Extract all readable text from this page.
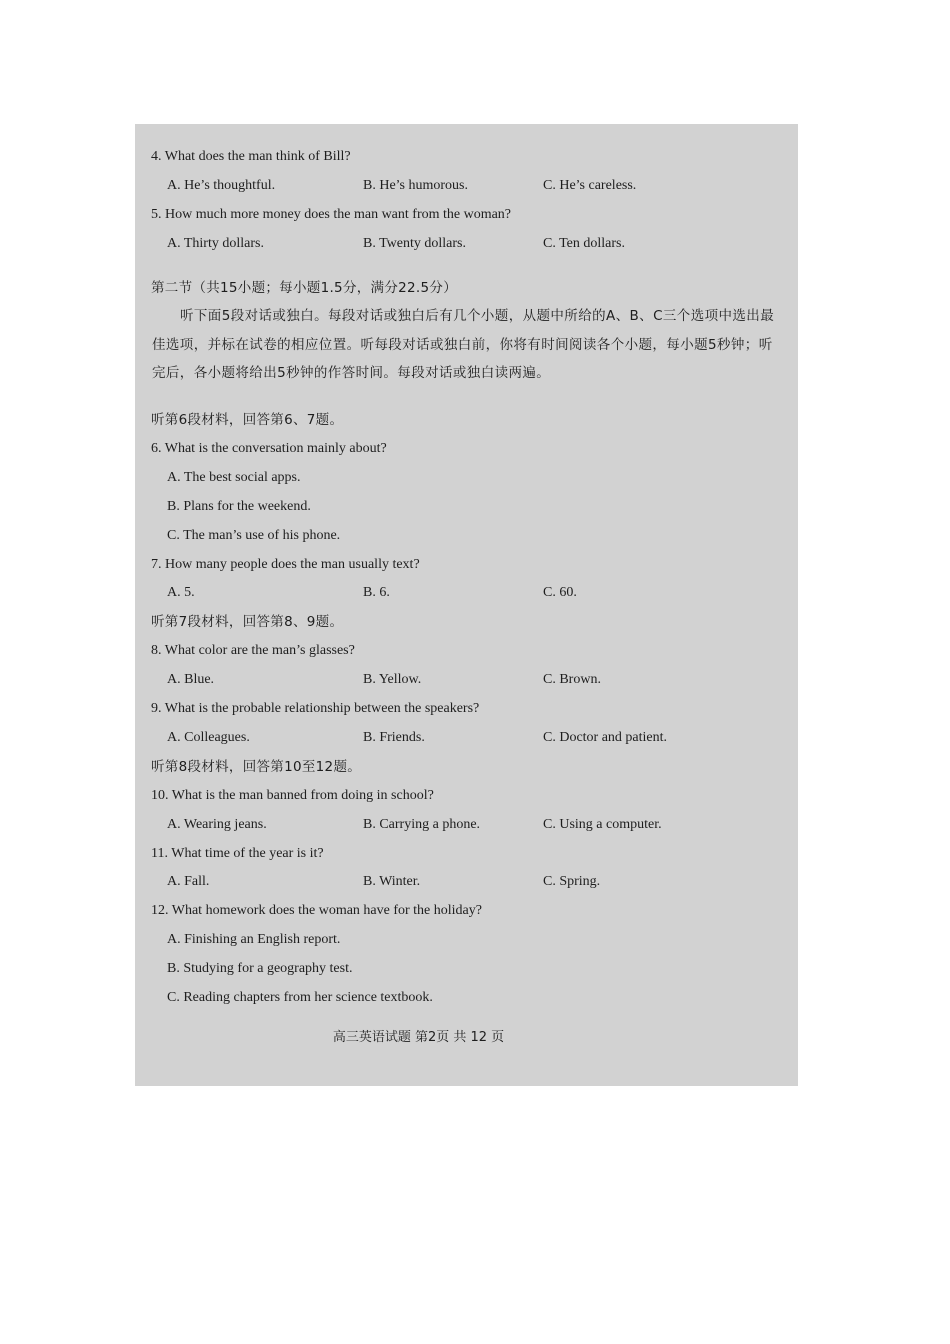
4. What does the man think of Bill?
A. He’s thoughtful.	B. He’s humorous.	C. He’s careless.
5. How much more money does the man want from the woman?
A. Thirty dollars.	B. Twenty dollars.	C. Ten dollars.
第二节（共15小题；每小题1.5分，满分22.5分）
听下面5段对话或独白。每段对话或独白后有几个小题，从题中所给的A、B、C三个选项中选出最佳选项，并标在试卷的相应位置。听每段对话或独白前，你将有时间阅读各个小题，每小题5秒钟；听完后，各小题将给出5秒钟的作答时间。每段对话或独白读两遍。
听第6段材料，回答第6、7题。
6. What is the conversation mainly about?
A. The best social apps.
B. Plans for the weekend.
C. The man’s use of his phone.
7. How many people does the man usually text?
A. 5.	B. 6.	C. 60.
听第7段材料，回答第8、9题。
8. What color are the man’s glasses?
A. Blue.	B. Yellow.	C. Brown.
9. What is the probable relationship between the speakers?
A. Colleagues.	B. Friends.	C. Doctor and patient.
听第8段材料，回答第10至12题。
10. What is the man banned from doing in school?
A. Wearing jeans.	B. Carrying a phone.	C. Using a computer.
11. What time of the year is it?
A. Fall.	B. Winter.	C. Spring.
12. What homework does the woman have for the holiday?
A. Finishing an English report.
B. Studying for a geography test.
C. Reading chapters from her science textbook.
高三英语试题 第2页 共 12 页
